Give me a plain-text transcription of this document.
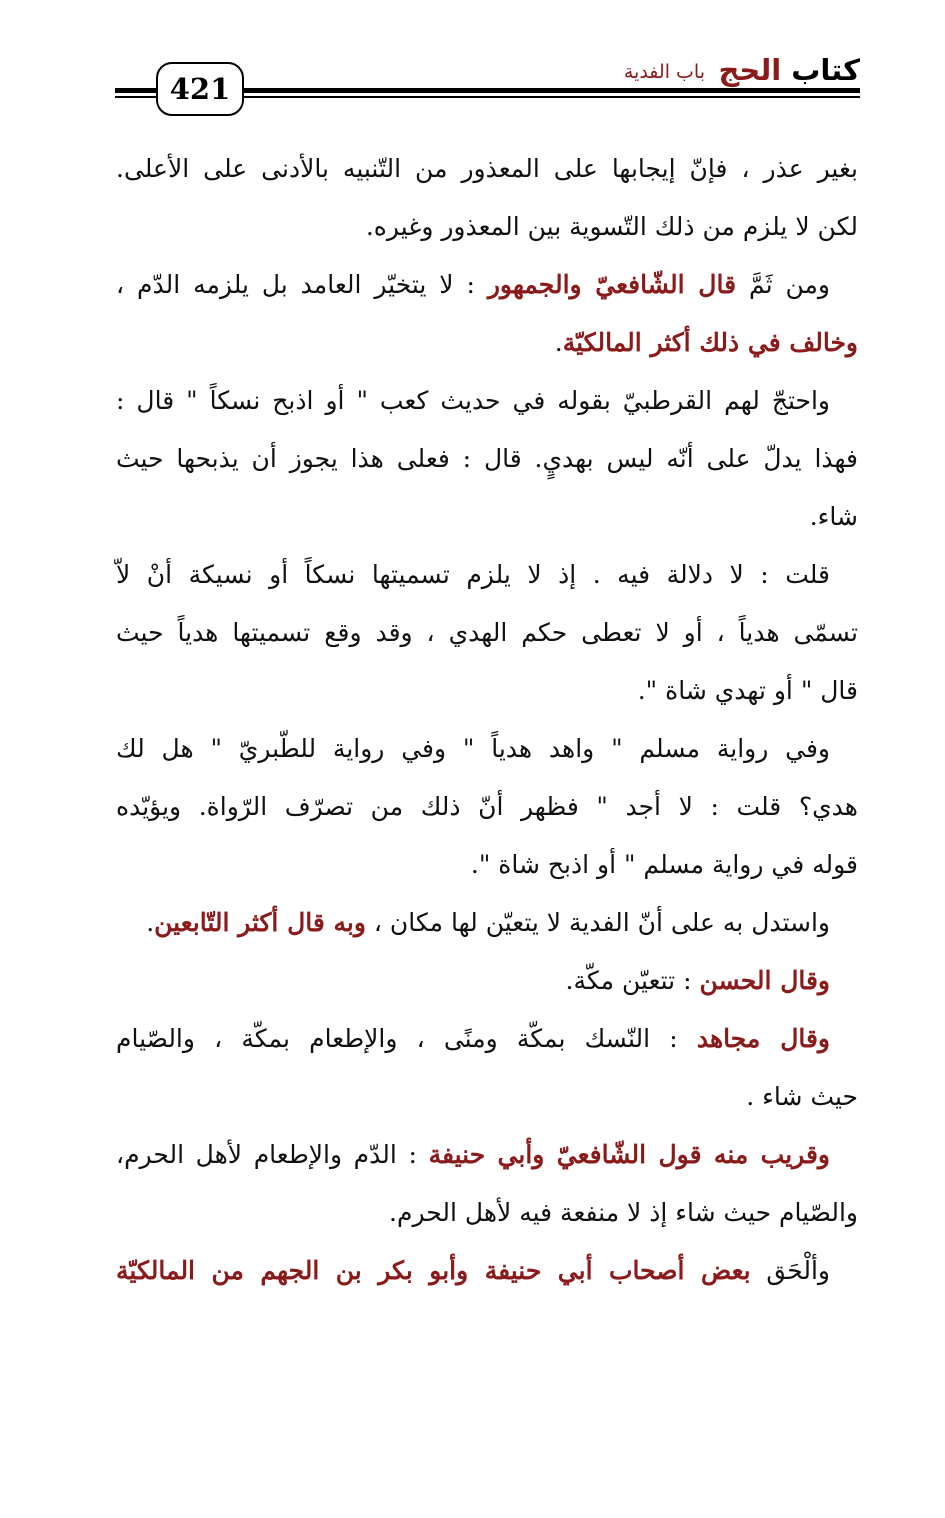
كتاب الحج
باب الفدية
421
بغير عذر ، فإنّ إيجابها على المعذور من التّنبيه بالأدنى على الأعلى.
لكن لا يلزم من ذلك التّسوية بين المعذور وغيره.
ومن ثَمَّ قال الشّافعيّ والجمهور : لا يتخيّر العامد بل يلزمه الدّم ،
وخالف في ذلك أكثر المالكيّة.
واحتجّ لهم القرطبيّ بقوله في حديث كعب " أو اذبح نسكاً " قال :
فهذا يدلّ على أنّه ليس بهديٍ. قال : فعلى هذا يجوز أن يذبحها حيث
شاء.
قلت : لا دلالة فيه . إذ لا يلزم تسميتها نسكاً أو نسيكة أنْ لاّ
تسمّى هدياً ، أو لا تعطى حكم الهدي ، وقد وقع تسميتها هدياً حيث
قال " أو تهدي شاة ".
وفي رواية مسلم " واهد هدياً " وفي رواية للطّبريّ " هل لك
هدي؟ قلت : لا أجد " فظهر أنّ ذلك من تصرّف الرّواة. ويؤيّده
قوله في رواية مسلم " أو اذبح شاة ".
واستدل به على أنّ الفدية لا يتعيّن لها مكان ، وبه قال أكثر التّابعين.
وقال الحسن : تتعيّن مكّة.
وقال مجاهد : النّسك بمكّة ومنًى ، والإطعام بمكّة ، والصّيام
حيث شاء .
وقريب منه قول الشّافعيّ وأبي حنيفة : الدّم والإطعام لأهل الحرم،
والصّيام حيث شاء إذ لا منفعة فيه لأهل الحرم.
وألْحَق بعض أصحاب أبي حنيفة وأبو بكر بن الجهم من المالكيّة
